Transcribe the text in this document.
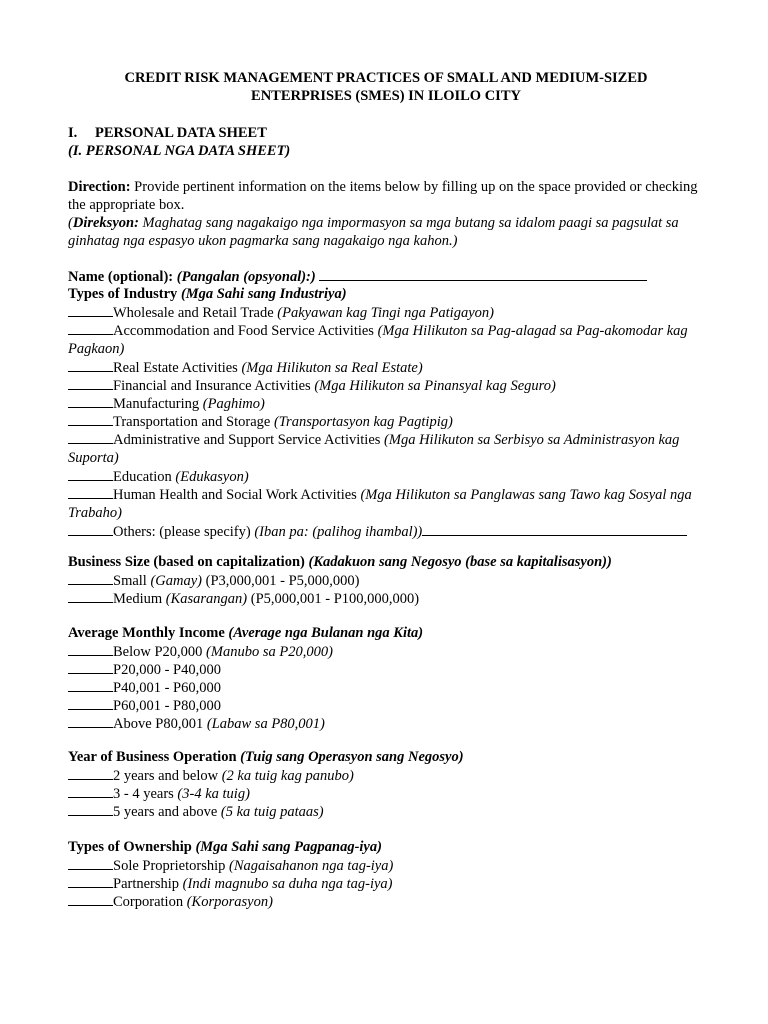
CREDIT RISK MANAGEMENT PRACTICES OF SMALL AND MEDIUM-SIZED
ENTERPRISES (SMES) IN ILOILO CITY
I. PERSONAL DATA SHEET
(I. PERSONAL NGA DATA SHEET)
Direction: Provide pertinent information on the items below by filling up on the space provided or checking the appropriate box.
(Direksyon: Maghatag sang nagakaigo nga impormasyon sa mga butang sa idalom paagi sa pagsulat sa ginhatag nga espasyo ukon pagmarka sang nagakaigo nga kahon.)
Name (optional): (Pangalan (opsyonal):)
Types of Industry (Mga Sahi sang Industriya)
Wholesale and Retail Trade (Pakyawan kag Tingi nga Patigayon)
Accommodation and Food Service Activities (Mga Hilikuton sa Pag-alagad sa Pag-akomodar kag Pagkaon)
Real Estate Activities (Mga Hilikuton sa Real Estate)
Financial and Insurance Activities (Mga Hilikuton sa Pinansyal kag Seguro)
Manufacturing (Paghimo)
Transportation and Storage (Transportasyon kag Pagtipig)
Administrative and Support Service Activities (Mga Hilikuton sa Serbisyo sa Administrasyon kag Suporta)
Education (Edukasyon)
Human Health and Social Work Activities (Mga Hilikuton sa Panglawas sang Tawo kag Sosyal nga Trabaho)
Others: (please specify) (Iban pa: (palihog ihambal))
Business Size (based on capitalization) (Kadakuon sang Negosyo (base sa kapitalisasyon))
Small (Gamay) (P3,000,001 - P5,000,000)
Medium (Kasarangan) (P5,000,001 - P100,000,000)
Average Monthly Income (Average nga Bulanan nga Kita)
Below P20,000 (Manubo sa P20,000)
P20,000 - P40,000
P40,001 - P60,000
P60,001 - P80,000
Above P80,001 (Labaw sa P80,001)
Year of Business Operation (Tuig sang Operasyon sang Negosyo)
2 years and below (2 ka tuig kag panubo)
3 - 4 years (3-4 ka tuig)
5 years and above (5 ka tuig pataas)
Types of Ownership (Mga Sahi sang Pagpanag-iya)
Sole Proprietorship (Nagaisahanon nga tag-iya)
Partnership (Indi magnubo sa duha nga tag-iya)
Corporation (Korporasyon)
